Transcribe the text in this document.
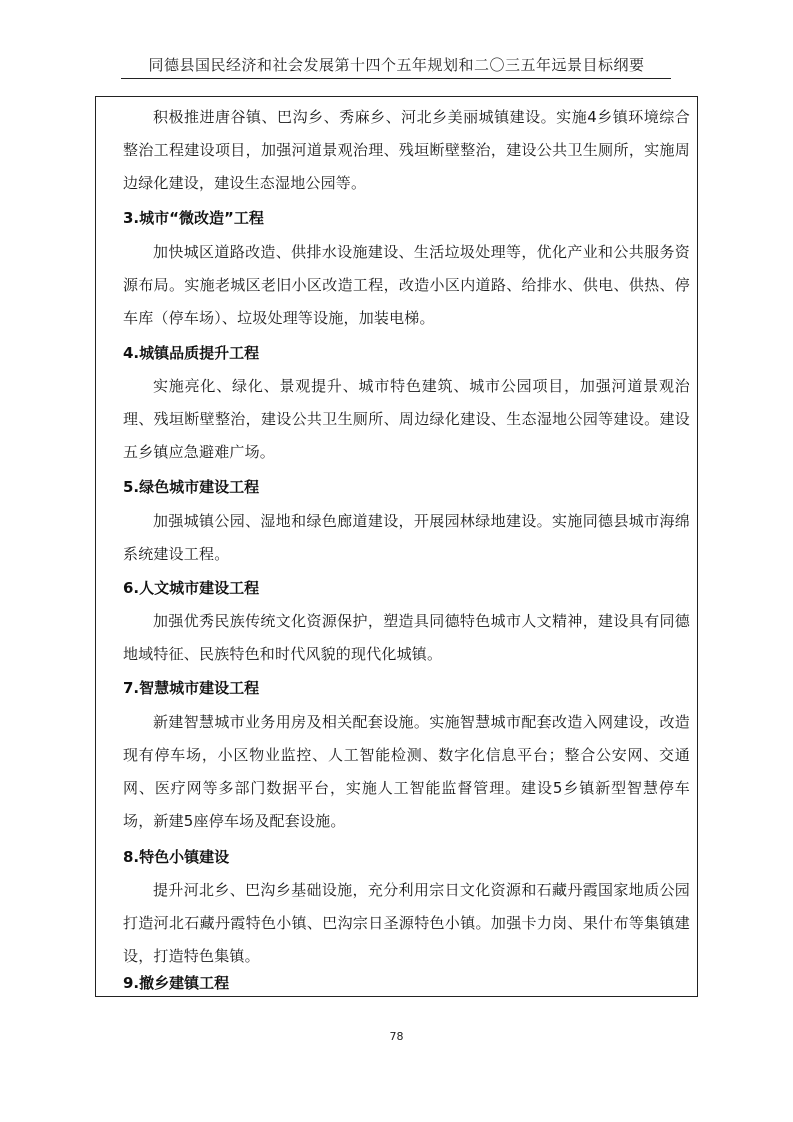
同德县国民经济和社会发展第十四个五年规划和二〇三五年远景目标纲要

积极推进唐谷镇、巴沟乡、秀麻乡、河北乡美丽城镇建设。实施4乡镇环境综合整治工程建设项目，加强河道景观治理、残垣断壁整治，建设公共卫生厕所，实施周边绿化建设，建设生态湿地公园等。

3.城市“微改造”工程

加快城区道路改造、供排水设施建设、生活垃圾处理等，优化产业和公共服务资源布局。实施老城区老旧小区改造工程，改造小区内道路、给排水、供电、供热、停车库（停车场）、垃圾处理等设施，加装电梯。

4.城镇品质提升工程

实施亮化、绿化、景观提升、城市特色建筑、城市公园项目，加强河道景观治理、残垣断壁整治，建设公共卫生厕所、周边绿化建设、生态湿地公园等建设。建设五乡镇应急避难广场。

5.绿色城市建设工程

加强城镇公园、湿地和绿色廊道建设，开展园林绿地建设。实施同德县城市海绵系统建设工程。

6.人文城市建设工程

加强优秀民族传统文化资源保护，塑造具同德特色城市人文精神，建设具有同德地域特征、民族特色和时代风貌的现代化城镇。

7.智慧城市建设工程

新建智慧城市业务用房及相关配套设施。实施智慧城市配套改造入网建设，改造现有停车场，小区物业监控、人工智能检测、数字化信息平台；整合公安网、交通网、医疗网等多部门数据平台，实施人工智能监督管理。建设5乡镇新型智慧停车场，新建5座停车场及配套设施。

8.特色小镇建设

提升河北乡、巴沟乡基础设施，充分利用宗日文化资源和石藏丹霞国家地质公园打造河北石藏丹霞特色小镇、巴沟宗日圣源特色小镇。加强卡力岗、果什布等集镇建设，打造特色集镇。

9.撤乡建镇工程

78
